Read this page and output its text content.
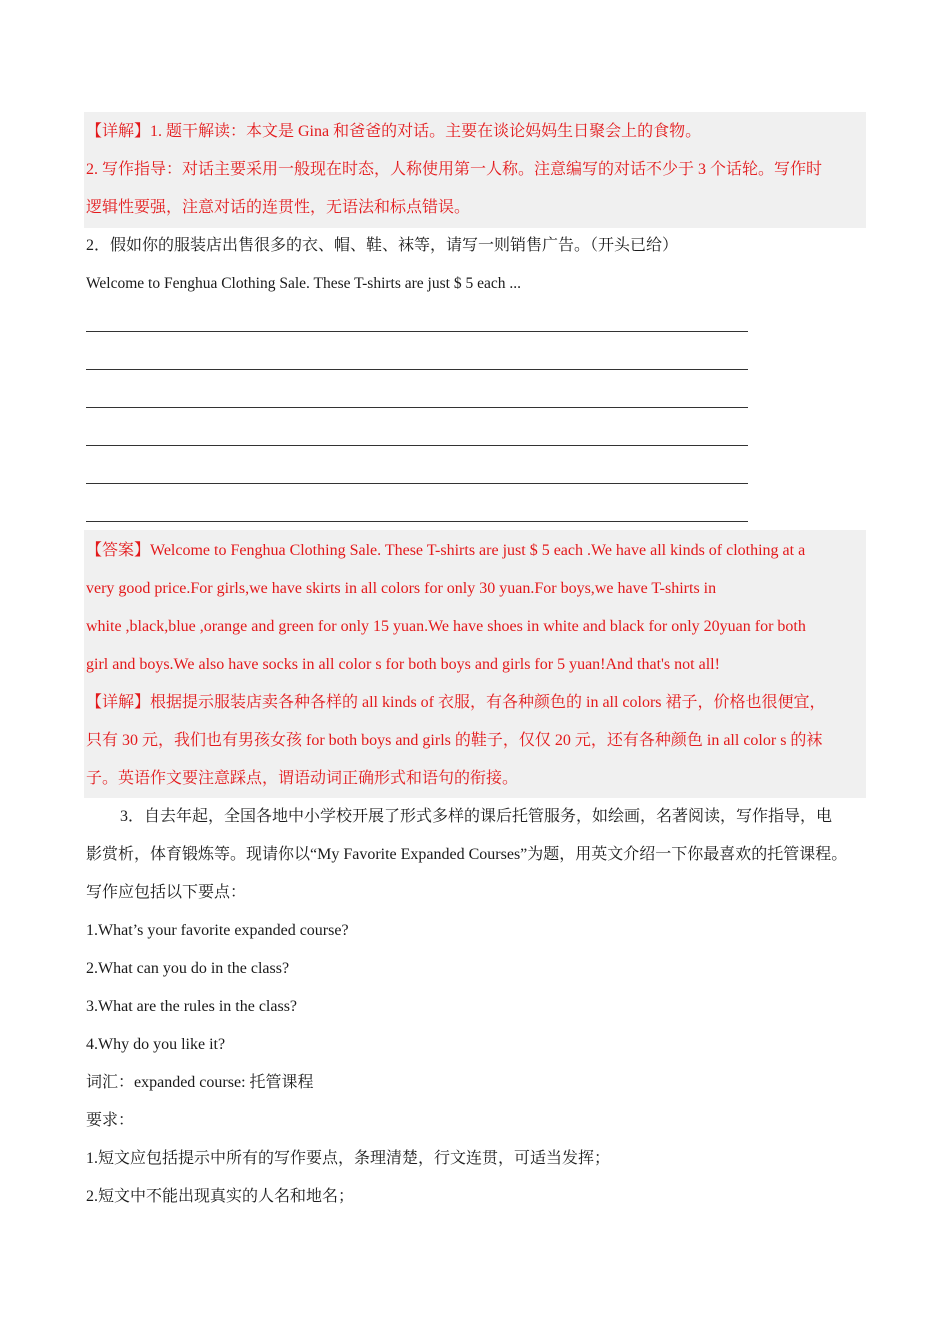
【详解】1. 题干解读：本文是 Gina 和爸爸的对话。主要在谈论妈妈生日聚会上的食物。
2. 写作指导：对话主要采用一般现在时态，人称使用第一人称。注意编写的对话不少于 3 个话轮。写作时
逻辑性要强，注意对话的连贯性，无语法和标点错误。
2．假如你的服装店出售很多的衣、帽、鞋、袜等，请写一则销售广告。（开头已给）
Welcome to Fenghua Clothing Sale. These T-shirts are just $ 5 each ...
【答案】Welcome to Fenghua Clothing Sale. These T-shirts are just $ 5 each .We have all kinds of clothing at a
very good price.For girls,we have skirts in all colors for only 30 yuan.For boys,we have T-shirts in
white ,black,blue ,orange and green for only 15 yuan.We have shoes in white and black for only 20yuan for both
girl and boys.We also have socks in all color s for both boys and girls for 5 yuan!And that's not all!
【详解】根据提示服装店卖各种各样的 all kinds of 衣服，有各种颜色的 in all colors 裙子，价格也很便宜，
只有 30 元，我们也有男孩女孩 for both boys and girls 的鞋子，仅仅 20 元，还有各种颜色 in all color s 的袜
子。英语作文要注意踩点，谓语动词正确形式和语句的衔接。
3．自去年起，全国各地中小学校开展了形式多样的课后托管服务，如绘画，名著阅读，写作指导，电
影赏析，体育锻炼等。现请你以“My Favorite Expanded Courses”为题，用英文介绍一下你最喜欢的托管课程。
写作应包括以下要点：
1.What’s your favorite expanded course?
2.What can you do in the class?
3.What are the rules in the class?
4.Why do you like it?
词汇：expanded course: 托管课程
要求：
1.短文应包括提示中所有的写作要点，条理清楚，行文连贯，可适当发挥；
2.短文中不能出现真实的人名和地名；
